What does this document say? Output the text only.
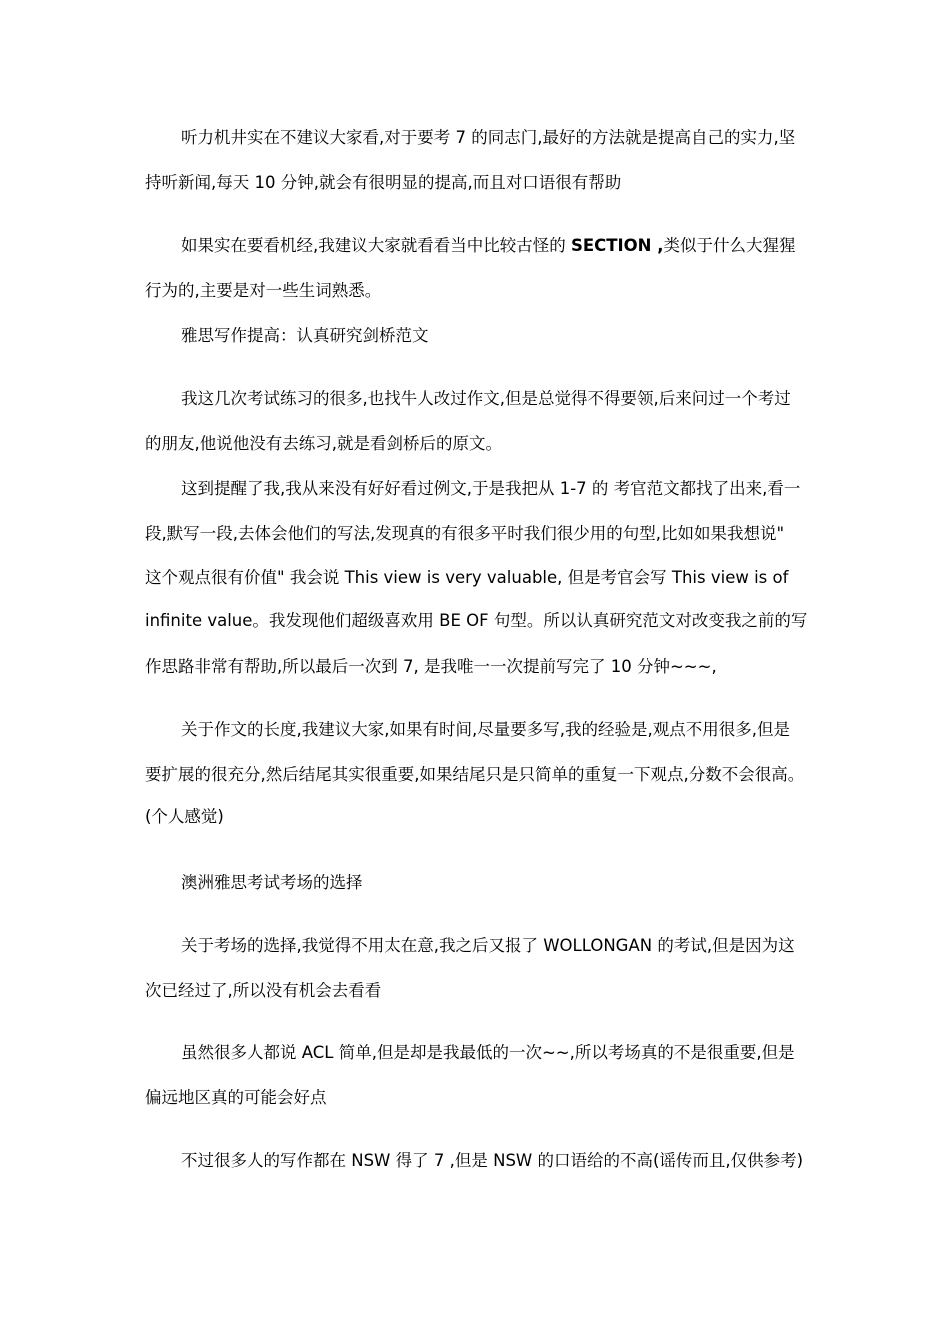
听力机井实在不建议大家看,对于要考 7 的同志门,最好的方法就是提高自己的实力,坚
持听新闻,每天 10 分钟,就会有很明显的提高,而且对口语很有帮助
如果实在要看机经,我建议大家就看看当中比较古怪的 SECTION ,类似于什么大猩猩
行为的,主要是对一些生词熟悉。
雅思写作提高：认真研究剑桥范文
我这几次考试练习的很多,也找牛人改过作文,但是总觉得不得要领,后来问过一个考过
的朋友,他说他没有去练习,就是看剑桥后的原文。
这到提醒了我,我从来没有好好看过例文,于是我把从 1-7 的 考官范文都找了出来,看一
段,默写一段,去体会他们的写法,发现真的有很多平时我们很少用的句型,比如如果我想说"
这个观点很有价值" 我会说 This view is very valuable, 但是考官会写 This view is of
infinite value。我发现他们超级喜欢用 BE OF 句型。所以认真研究范文对改变我之前的写
作思路非常有帮助,所以最后一次到 7, 是我唯一一次提前写完了 10 分钟~~~,
关于作文的长度,我建议大家,如果有时间,尽量要多写,我的经验是,观点不用很多,但是
要扩展的很充分,然后结尾其实很重要,如果结尾只是只简单的重复一下观点,分数不会很高。
(个人感觉)
澳洲雅思考试考场的选择
关于考场的选择,我觉得不用太在意,我之后又报了 WOLLONGAN 的考试,但是因为这
次已经过了,所以没有机会去看看
虽然很多人都说 ACL 简单,但是却是我最低的一次~~,所以考场真的不是很重要,但是
偏远地区真的可能会好点
不过很多人的写作都在 NSW 得了 7 ,但是 NSW 的口语给的不高(谣传而且,仅供参考)
